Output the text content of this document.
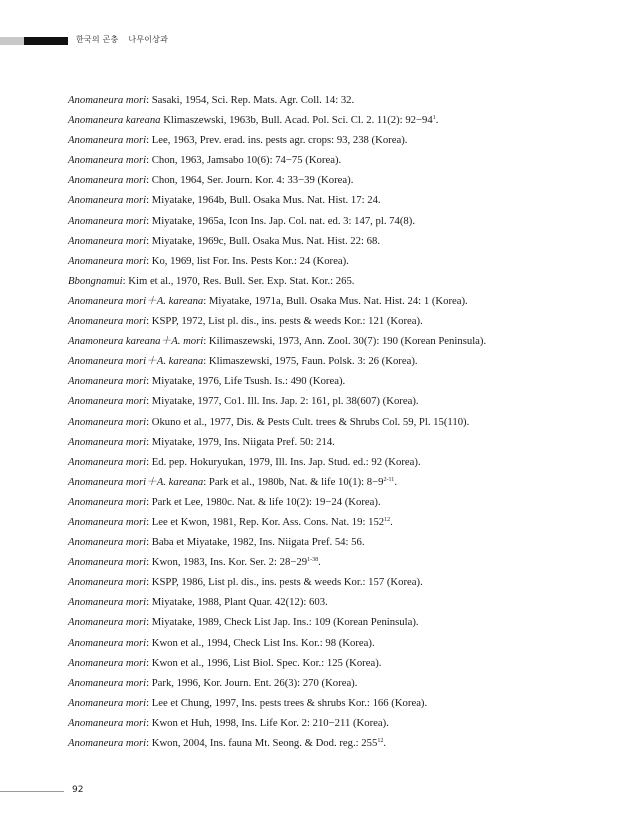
한국의 곤충 나무이상과
Anomaneura mori: Sasaki, 1954, Sci. Rep. Mats. Agr. Coll. 14: 32.
Anomaneura kareana Klimaszewski, 1963b, Bull. Acad. Pol. Sci. Cl. 2. 11(2): $92-94^1$.
Anomaneura mori: Lee, 1963, Prev. erad. ins. pests agr. crops: 93, 238 (Korea).
Anomaneura mori: Chon, 1963, Jamsabo 10(6): 74−75 (Korea).
Anomaneura mori: Chon, 1964, Ser. Journ. Kor. 4: 33−39 (Korea).
Anomaneura mori: Miyatake, 1964b, Bull. Osaka Mus. Nat. Hist. 17: 24.
Anomaneura mori: Miyatake, 1965a, Icon Ins. Jap. Col. nat. ed. 3: 147, pl. 74(8).
Anomaneura mori: Miyatake, 1969c, Bull. Osaka Mus. Nat. Hist. 22: 68.
Anomaneura mori: Ko, 1969, list For. Ins. Pests Kor.: 24 (Korea).
Bbongnamui: Kim et al., 1970, Res. Bull. Ser. Exp. Stat. Kor.: 265.
Anomaneura mori＋A. kareana: Miyatake, 1971a, Bull. Osaka Mus. Nat. Hist. 24: 1 (Korea).
Anomaneura mori: KSPP, 1972, List pl. dis., ins. pests & weeds Kor.: 121 (Korea).
Anamoneura kareana＋A. mori: Kilimaszewski, 1973, Ann. Zool. 30(7): 190 (Korean Peninsula).
Anomaneura mori＋A. kareana: Klimaszewski, 1975, Faun. Polsk. 3: 26 (Korea).
Anomaneura mori: Miyatake, 1976, Life Tsush. Is.: 490 (Korea).
Anomaneura mori: Miyatake, 1977, Co1. Ill. Ins. Jap. 2: 161, pl. 38(607) (Korea).
Anomaneura mori: Okuno et al., 1977, Dis. & Pests Cult. trees & Shrubs Col. 59, Pl. 15(110).
Anomaneura mori: Miyatake, 1979, Ins. Niigata Pref. 50: 214.
Anomaneura mori: Ed. pep. Hokuryukan, 1979, Ill. Ins. Jap. Stud. ed.: 92 (Korea).
Anomaneura mori＋A. kareana: Park et al., 1980b, Nat. & life 10(1): $8-9^{2-11}$.
Anomaneura mori: Park et Lee, 1980c. Nat. & life 10(2): 19−24 (Korea).
Anomaneura mori: Lee et Kwon, 1981, Rep. Kor. Ass. Cons. Nat. 19: $152^{12}$.
Anomaneura mori: Baba et Miyatake, 1982, Ins. Niigata Pref. 54: 56.
Anomaneura mori: Kwon, 1983, Ins. Kor. Ser. 2: $28-29^{1-38}$.
Anomaneura mori: KSPP, 1986, List pl. dis., ins. pests & weeds Kor.: 157 (Korea).
Anomaneura mori: Miyatake, 1988, Plant Quar. 42(12): 603.
Anomaneura mori: Miyatake, 1989, Check List Jap. Ins.: 109 (Korean Peninsula).
Anomaneura mori: Kwon et al., 1994, Check List Ins. Kor.: 98 (Korea).
Anomaneura mori: Kwon et al., 1996, List Biol. Spec. Kor.: 125 (Korea).
Anomaneura mori: Park, 1996, Kor. Journ. Ent. 26(3): 270 (Korea).
Anomaneura mori: Lee et Chung, 1997, Ins. pests trees & shrubs Kor.: 166 (Korea).
Anomaneura mori: Kwon et Huh, 1998, Ins. Life Kor. 2: 210−211 (Korea).
Anomaneura mori: Kwon, 2004, Ins. fauna Mt. Seong. & Dod. reg.: $255^{12}$.
92
